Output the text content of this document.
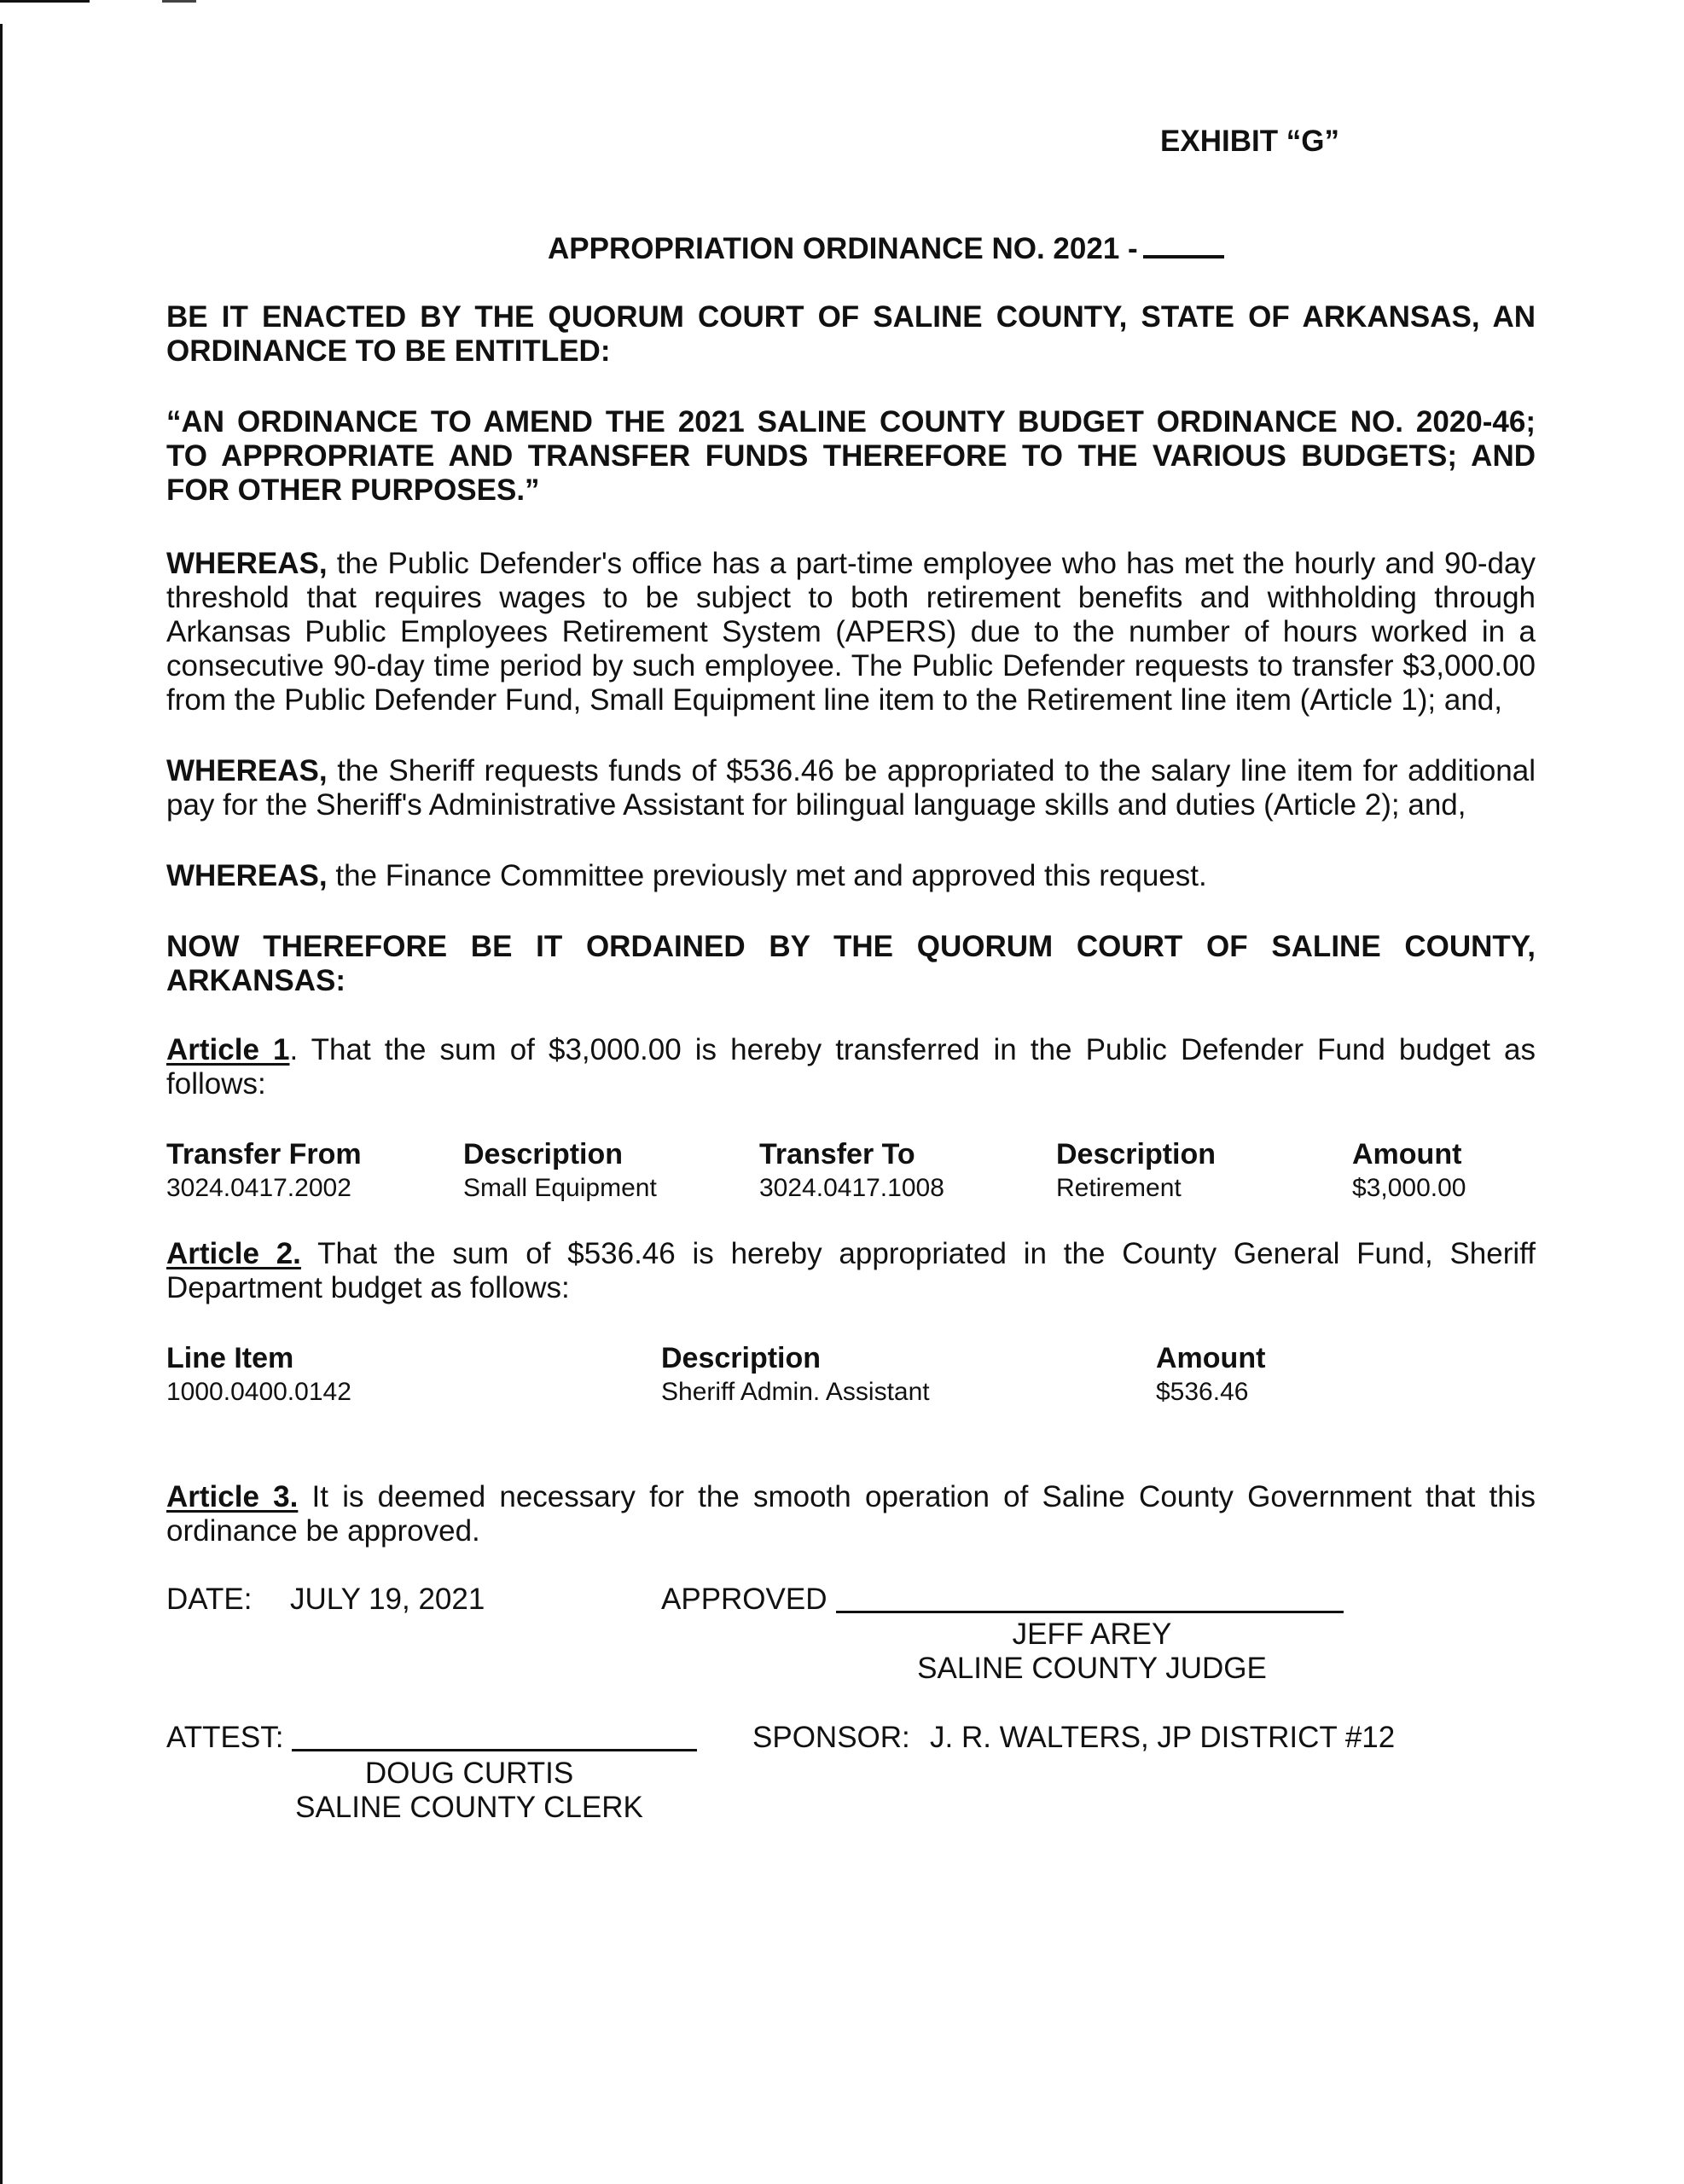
EXHIBIT “G”
APPROPRIATION ORDINANCE NO. 2021 -
BE IT ENACTED BY THE QUORUM COURT OF SALINE COUNTY, STATE OF ARKANSAS, AN ORDINANCE TO BE ENTITLED:
“AN ORDINANCE TO AMEND THE 2021 SALINE COUNTY BUDGET ORDINANCE NO. 2020-46; TO APPROPRIATE AND TRANSFER FUNDS THEREFORE TO THE VARIOUS BUDGETS; AND FOR OTHER PURPOSES.”
WHEREAS, the Public Defender's office has a part-time employee who has met the hourly and 90-day threshold that requires wages to be subject to both retirement benefits and withholding through Arkansas Public Employees Retirement System (APERS) due to the number of hours worked in a consecutive 90-day time period by such employee. The Public Defender requests to transfer $3,000.00 from the Public Defender Fund, Small Equipment line item to the Retirement line item (Article 1); and,
WHEREAS, the Sheriff requests funds of $536.46 be appropriated to the salary line item for additional pay for the Sheriff's Administrative Assistant for bilingual language skills and duties (Article 2); and,
WHEREAS, the Finance Committee previously met and approved this request.
NOW THEREFORE BE IT ORDAINED BY THE QUORUM COURT OF SALINE COUNTY, ARKANSAS:
Article 1. That the sum of $3,000.00 is hereby transferred in the Public Defender Fund budget as follows:
Transfer From	Description	Transfer To	Description	Amount
3024.0417.2002	Small Equipment	3024.0417.1008	Retirement	$3,000.00
Article 2. That the sum of $536.46 is hereby appropriated in the County General Fund, Sheriff Department budget as follows:
Line Item	Description	Amount
1000.0400.0142	Sheriff Admin. Assistant	$536.46
Article 3. It is deemed necessary for the smooth operation of Saline County Government that this ordinance be approved.
DATE: JULY 19, 2021	APPROVED
JEFF AREY
SALINE COUNTY JUDGE
ATTEST:	SPONSOR: J. R. WALTERS, JP DISTRICT #12
DOUG CURTIS
SALINE COUNTY CLERK
